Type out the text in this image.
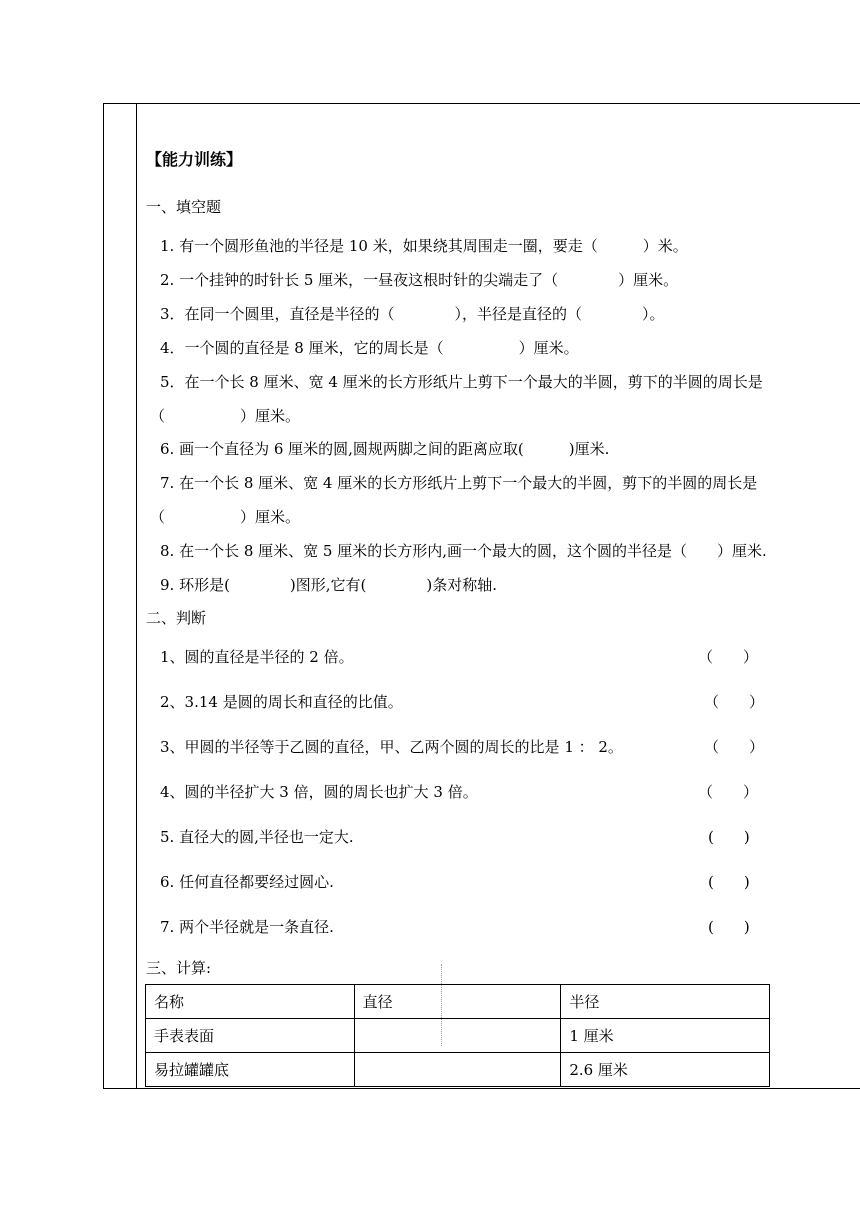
【能力训练】
一、填空题
1. 有一个圆形鱼池的半径是 10 米，如果绕其周围走一圈，要走（　　　）米。
2. 一个挂钟的时针长 5 厘米，一昼夜这根时针的尖端走了（　　　　）厘米。
3．在同一个圆里，直径是半径的（　　　　），半径是直径的（　　　　）。
4．一个圆的直径是 8 厘米，它的周长是（　　　　　）厘米。
5．在一个长 8 厘米、宽 4 厘米的长方形纸片上剪下一个最大的半圆，剪下的半圆的周长是
（　　　　　）厘米。
6. 画一个直径为 6 厘米的圆,圆规两脚之间的距离应取(　　　)厘米.
7. 在一个长 8 厘米、宽 4 厘米的长方形纸片上剪下一个最大的半圆，剪下的半圆的周长是
（　　　　　）厘米。
8. 在一个长 8 厘米、宽 5 厘米的长方形内,画一个最大的圆，这个圆的半径是（　　）厘米.
9. 环形是(　　　　)图形,它有(　　　　)条对称轴.
二、判断
1、圆的直径是半径的 2 倍。	（　　）
2、3.14 是圆的周长和直径的比值。	（　　）
3、甲圆的半径等于乙圆的直径，甲、乙两个圆的周长的比是 1 ： 2。	（　　）
4、圆的半径扩大 3 倍，圆的周长也扩大 3 倍。	（　　）
5. 直径大的圆,半径也一定大.	(　　)
6. 任何直径都要经过圆心.	(　　)
7. 两个半径就是一条直径.	(　　)
三、计算:
名称	直径	半径
手表表面		1 厘米
易拉罐罐底		2.6 厘米
